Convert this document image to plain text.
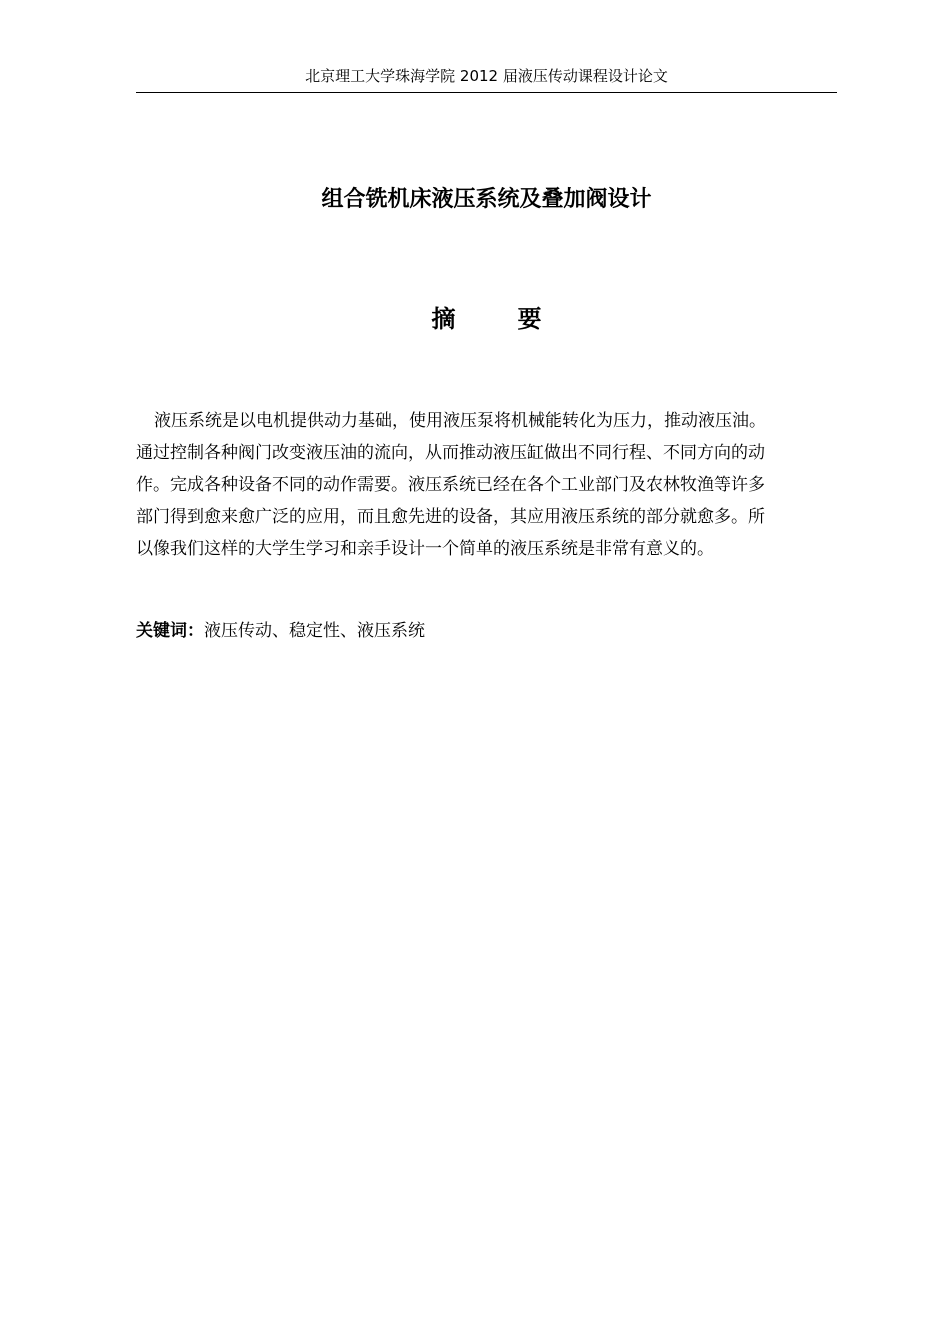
北京理工大学珠海学院 2012 届液压传动课程设计论文
组合铣机床液压系统及叠加阀设计
摘	要

液压系统是以电机提供动力基础，使用液压泵将机械能转化为压力，推动液压油。
通过控制各种阀门改变液压油的流向，从而推动液压缸做出不同行程、不同方向的动
作。完成各种设备不同的动作需要。液压系统已经在各个工业部门及农林牧渔等许多
部门得到愈来愈广泛的应用，而且愈先进的设备，其应用液压系统的部分就愈多。所
以像我们这样的大学生学习和亲手设计一个简单的液压系统是非常有意义的。

关键词：液压传动、稳定性、液压系统
